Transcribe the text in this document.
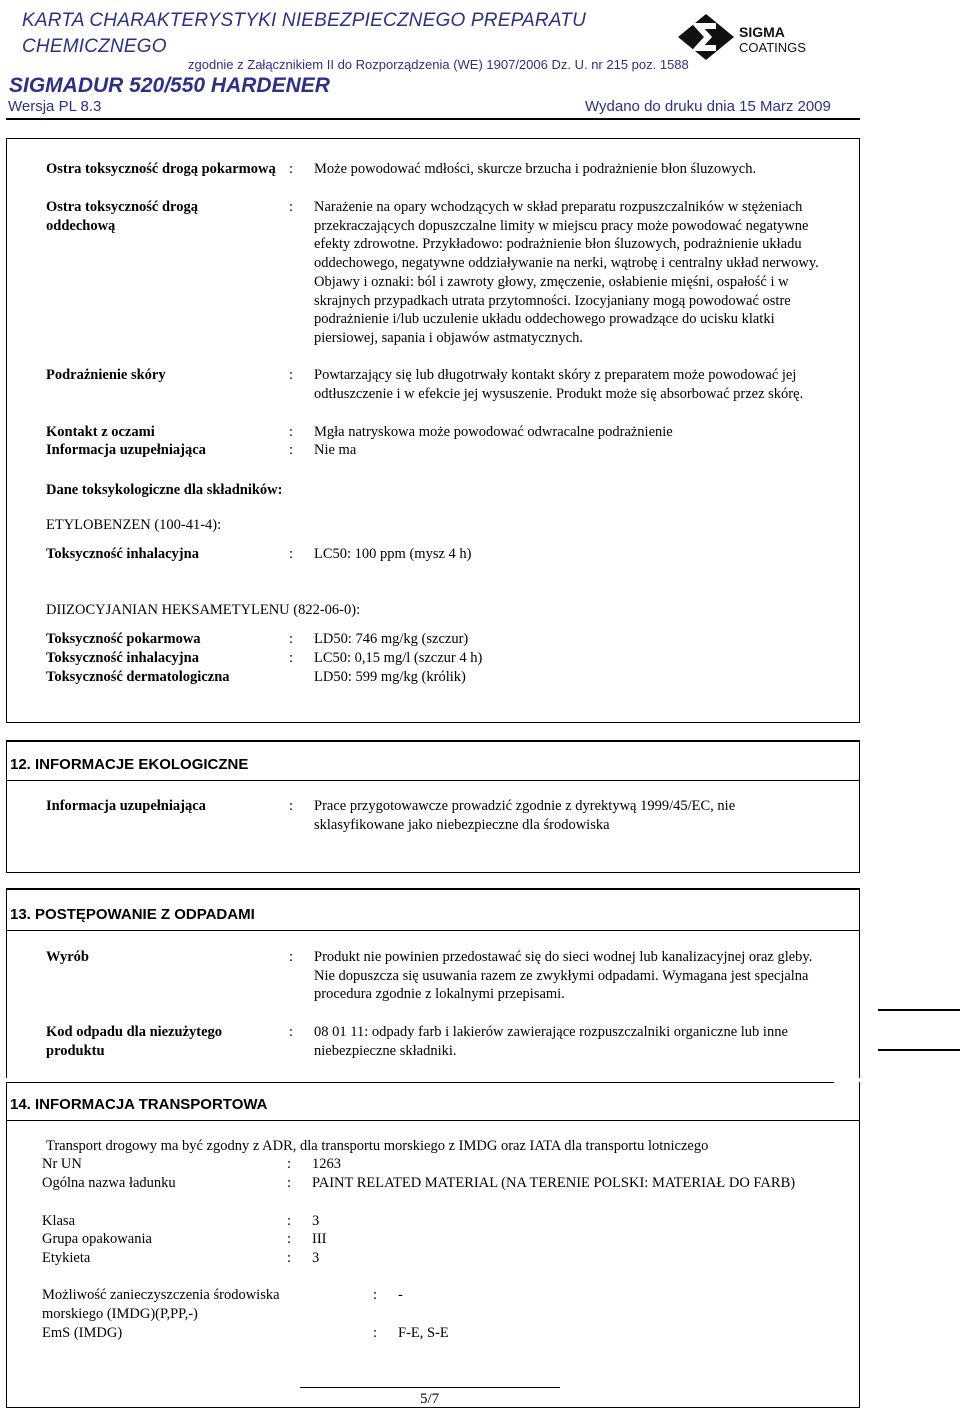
KARTA CHARAKTERYSTYKI NIEBEZPIECZNEGO PREPARATU
CHEMICZNEGO
zgodnie z Załącznikiem II do Rozporządzenia (WE) 1907/2006 Dz. U. nr 215 poz. 1588
SIGMADUR 520/550 HARDENER
Wersja PL 8.3	Wydano do druku dnia 15 Marz 2009
SIGMA
COATINGS
Ostra toksyczność drogą pokarmową : Może powodować mdłości, skurcze brzucha i podrażnienie błon śluzowych.
Ostra toksyczność drogą oddechową
: Narażenie na opary wchodzących w skład preparatu rozpuszczalników w stężeniach przekraczających dopuszczalne limity w miejscu pracy może powodować negatywne efekty zdrowotne. Przykładowo: podrażnienie błon śluzowych, podrażnienie układu oddechowego, negatywne oddziaływanie na nerki, wątrobę i centralny układ nerwowy. Objawy i oznaki: ból i zawroty głowy, zmęczenie, osłabienie mięśni, ospałość i w skrajnych przypadkach utrata przytomności. Izocyjaniany mogą powodować ostre podrażnienie i/lub uczulenie układu oddechowego prowadzące do ucisku klatki piersiowej, sapania i objawów astmatycznych.
Podrażnienie skóry	: Powtarzający się lub długotrwały kontakt skóry z preparatem może powodować jej odtłuszczenie i w efekcie jej wysuszenie. Produkt może się absorbować przez skórę.
Kontakt z oczami	: Mgła natryskowa może powodować odwracalne podrażnienie
Informacja uzupełniająca	: Nie ma
Dane toksykologiczne dla składników:
ETYLOBENZEN (100-41-4):
Toksyczność inhalacyjna	: LC50: 100 ppm (mysz 4 h)
DIIZOCYJANIAN HEKSAMETYLENU (822-06-0):
Toksyczność pokarmowa	: LD50: 746 mg/kg (szczur)
Toksyczność inhalacyjna	: LC50: 0,15 mg/l (szczur 4 h)
Toksyczność dermatologiczna	LD50: 599 mg/kg (królik)
12. INFORMACJE EKOLOGICZNE
Informacja uzupełniająca	: Prace przygotowawcze prowadzić zgodnie z dyrektywą 1999/45/EC, nie sklasyfikowane jako niebezpieczne dla środowiska
13. POSTĘPOWANIE Z ODPADAMI
Wyrób	: Produkt nie powinien przedostawać się do sieci wodnej lub kanalizacyjnej oraz gleby. Nie dopuszcza się usuwania razem ze zwykłymi odpadami. Wymagana jest specjalna procedura zgodnie z lokalnymi przepisami.
Kod odpadu dla niezużytego produktu
: 08 01 11: odpady farb i lakierów zawierające rozpuszczalniki organiczne lub inne niebezpieczne składniki.
14. INFORMACJA TRANSPORTOWA
Transport drogowy ma być zgodny z ADR, dla transportu morskiego z IMDG oraz IATA dla transportu lotniczego
Nr UN	: 1263
Ogólna nazwa ładunku	: PAINT RELATED MATERIAL (NA TERENIE POLSKI: MATERIAŁ DO FARB)
Klasa	: 3
Grupa opakowania	: III
Etykieta	: 3
Możliwość zanieczyszczenia środowiska morskiego (IMDG)(P,PP,-)
: -
EmS (IMDG)	: F-E, S-E
5/7
